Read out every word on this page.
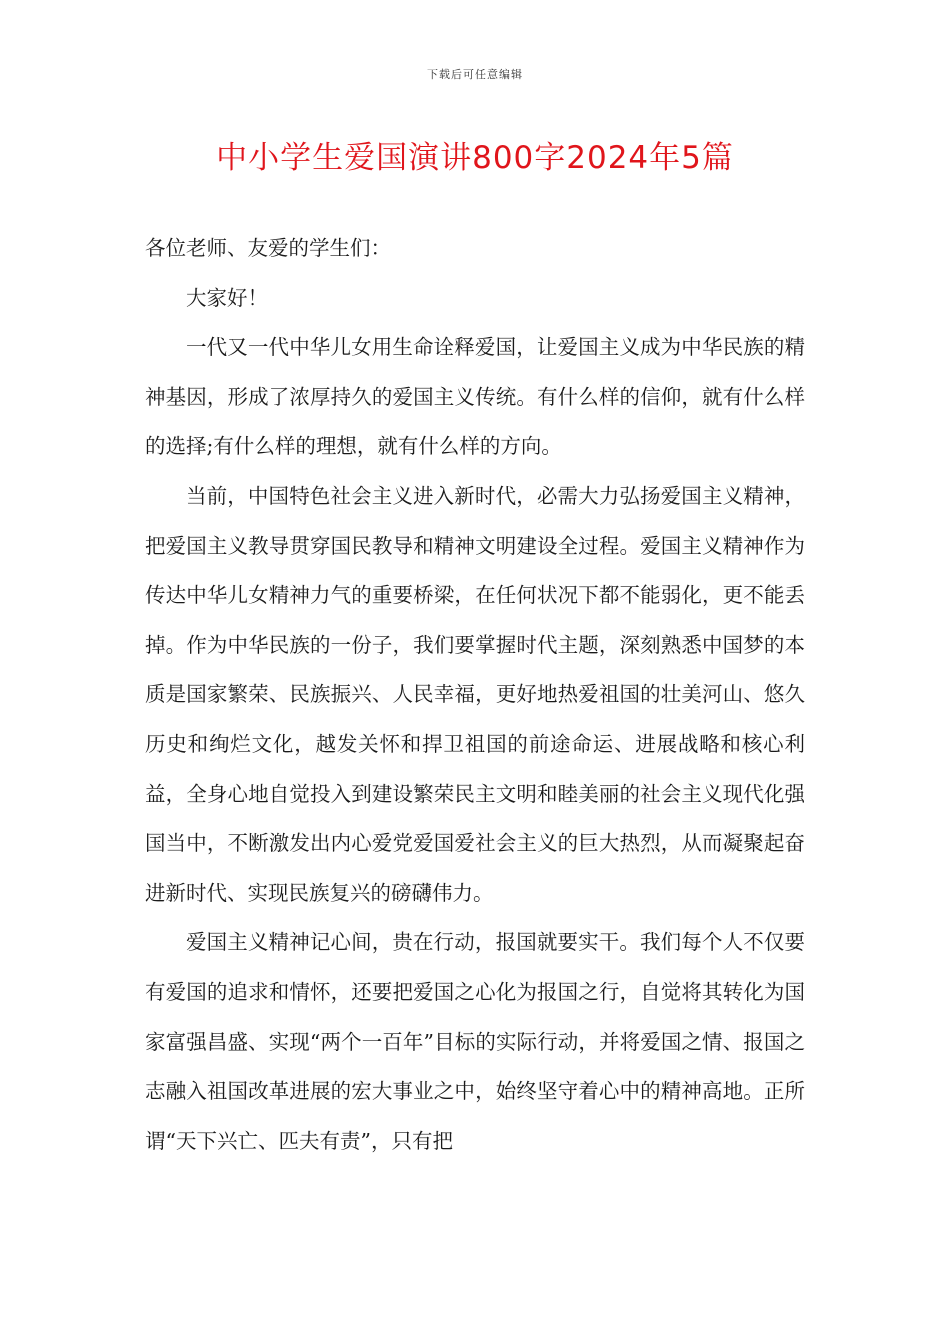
下载后可任意编辑
中小学生爱国演讲800字2024年5篇

各位老师、友爱的学生们：

大家好！

一代又一代中华儿女用生命诠释爱国，让爱国主义成为中华民族的精神基因，形成了浓厚持久的爱国主义传统。有什么样的信仰，就有什么样的选择;有什么样的理想，就有什么样的方向。

当前，中国特色社会主义进入新时代，必需大力弘扬爱国主义精神，把爱国主义教导贯穿国民教导和精神文明建设全过程。爱国主义精神作为传达中华儿女精神力气的重要桥梁，在任何状况下都不能弱化，更不能丢掉。作为中华民族的一份子，我们要掌握时代主题，深刻熟悉中国梦的本质是国家繁荣、民族振兴、人民幸福，更好地热爱祖国的壮美河山、悠久历史和绚烂文化，越发关怀和捍卫祖国的前途命运、进展战略和核心利益，全身心地自觉投入到建设繁荣民主文明和睦美丽的社会主义现代化强国当中，不断激发出内心爱党爱国爱社会主义的巨大热烈，从而凝聚起奋进新时代、实现民族复兴的磅礴伟力。

爱国主义精神记心间，贵在行动，报国就要实干。我们每个人不仅要有爱国的追求和情怀，还要把爱国之心化为报国之行，自觉将其转化为国家富强昌盛、实现“两个一百年”目标的实际行动，并将爱国之情、报国之志融入祖国改革进展的宏大事业之中，始终坚守着心中的精神高地。正所谓“天下兴亡、匹夫有责”，只有把
